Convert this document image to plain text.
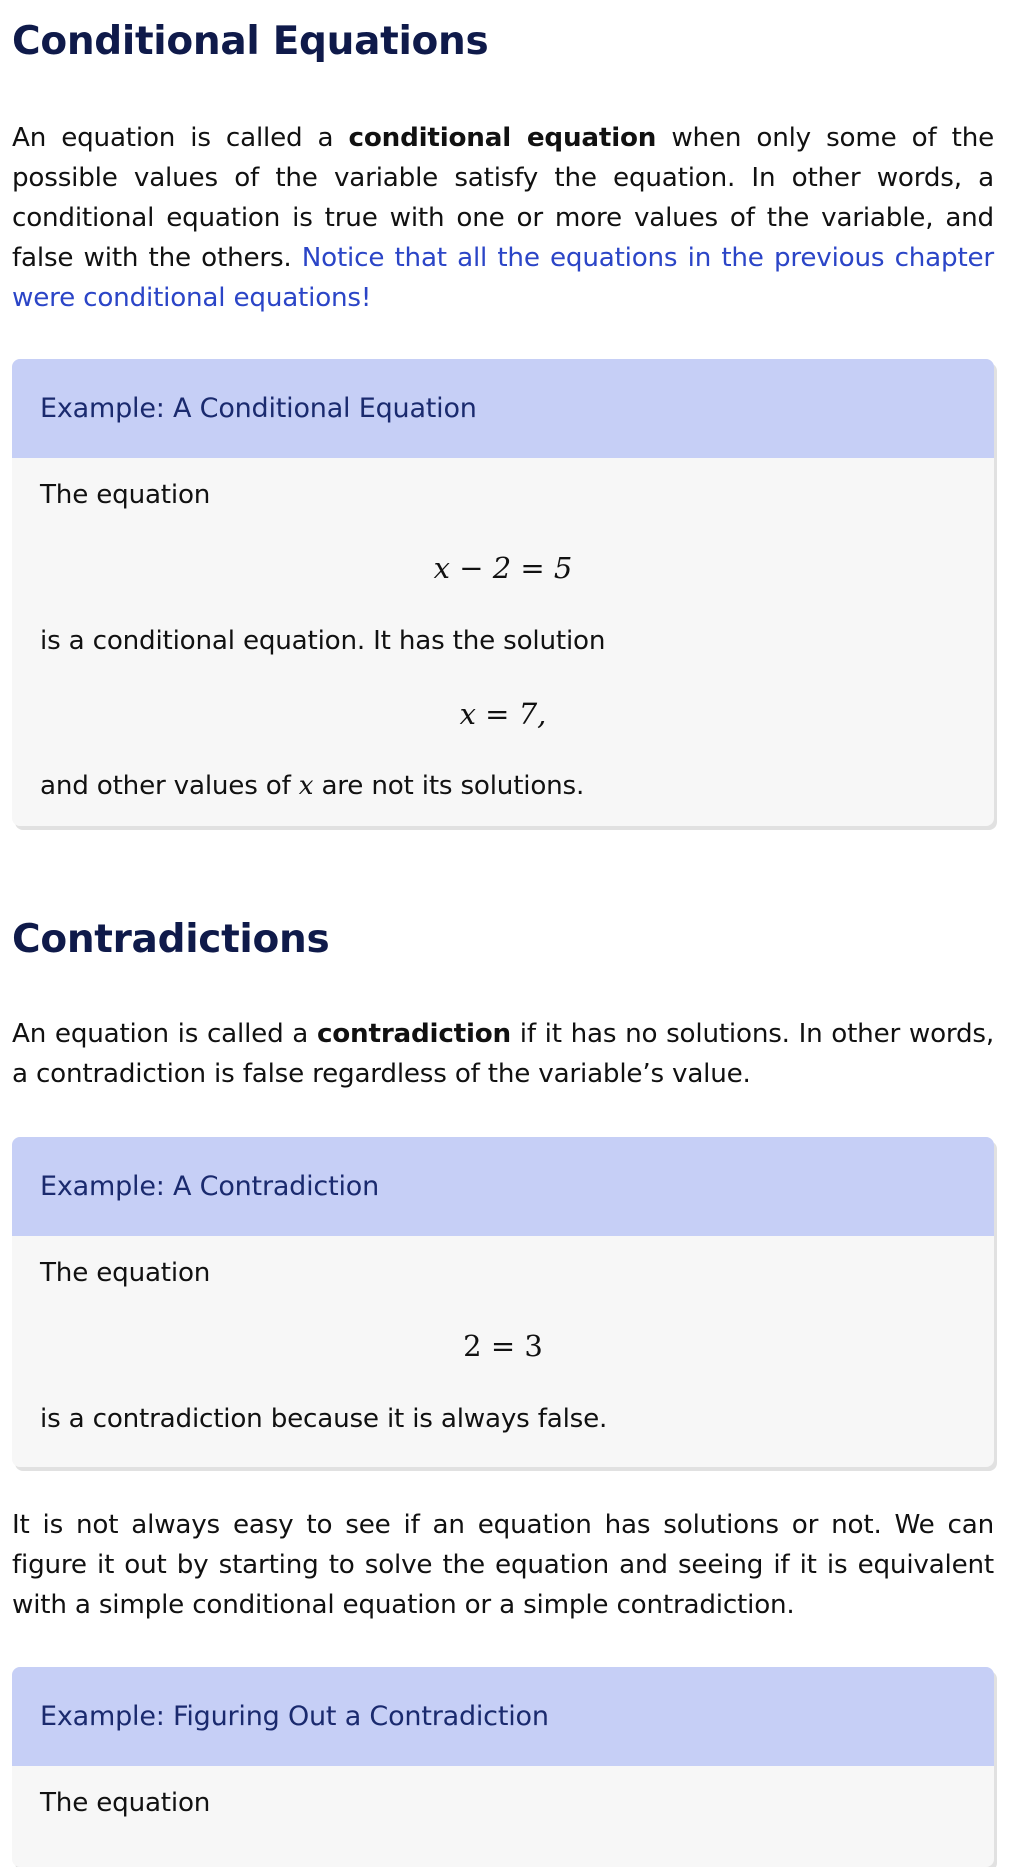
Conditional Equations

An equation is called a conditional equation when only some of the possible values of the variable satisfy the equation. In other words, a conditional equation is true with one or more values of the variable, and false with the others. Notice that all the equations in the previous chapter were conditional equations!

Example: A Conditional Equation
The equation
x − 2 = 5
is a conditional equation. It has the solution
x = 7,
and other values of x are not its solutions.
Contradictions

An equation is called a contradiction if it has no solutions. In other words, a contradiction is false regardless of the variable’s value.

Example: A Contradiction
The equation
2 = 3
is a contradiction because it is always false.

It is not always easy to see if an equation has solutions or not. We can figure it out by starting to solve the equation and seeing if it is equivalent with a simple conditional equation or a simple contradiction.

Example: Figuring Out a Contradiction
The equation
